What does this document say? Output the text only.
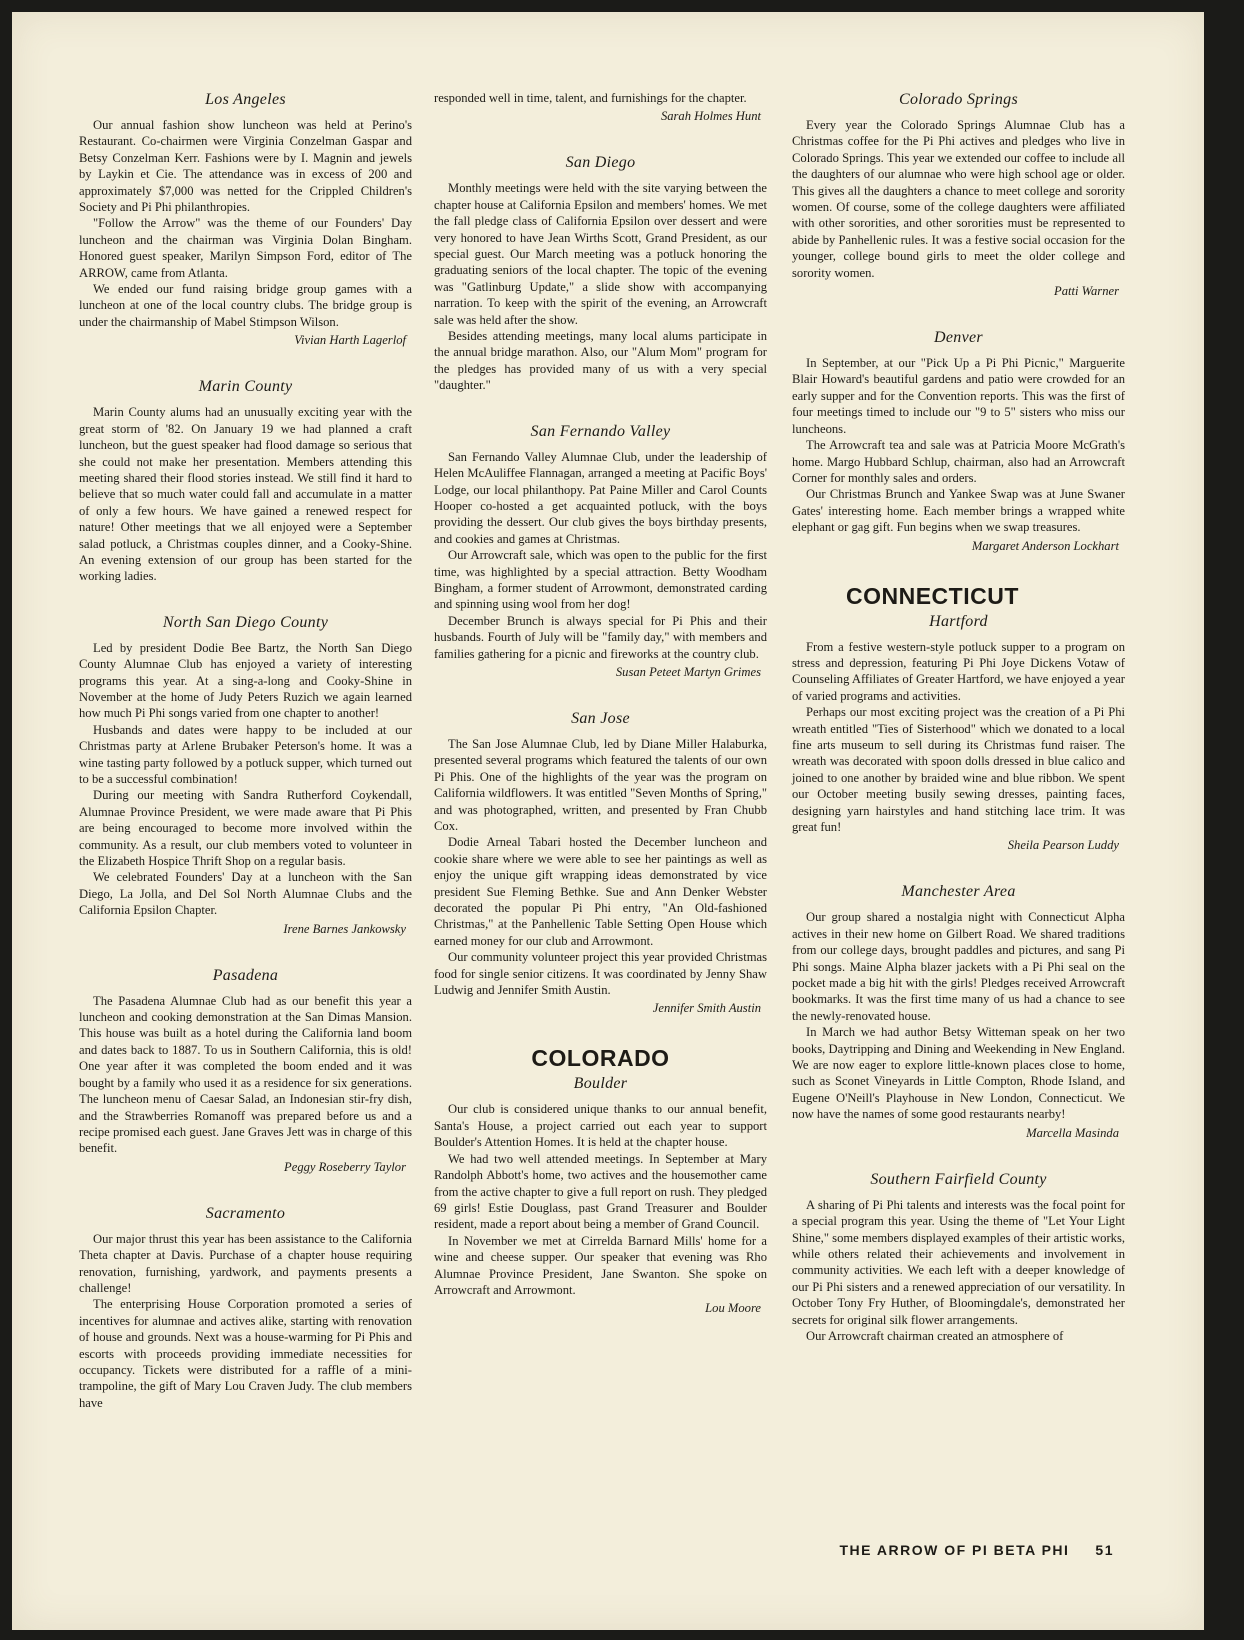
Los Angeles

Our annual fashion show luncheon was held at Perino's Restaurant. Co-chairmen were Virginia Conzelman Gaspar and Betsy Conzelman Kerr. Fashions were by I. Magnin and jewels by Laykin et Cie. The attendance was in excess of 200 and approximately $7,000 was netted for the Crippled Children's Society and Pi Phi philanthropies.

"Follow the Arrow" was the theme of our Founders' Day luncheon and the chairman was Virginia Dolan Bingham. Honored guest speaker, Marilyn Simpson Ford, editor of The ARROW, came from Atlanta.

We ended our fund raising bridge group games with a luncheon at one of the local country clubs. The bridge group is under the chairmanship of Mabel Stimpson Wilson.

Vivian Harth Lagerlof
Marin County

Marin County alums had an unusually exciting year with the great storm of '82. On January 19 we had planned a craft luncheon, but the guest speaker had flood damage so serious that she could not make her presentation. Members attending this meeting shared their flood stories instead. We still find it hard to believe that so much water could fall and accumulate in a matter of only a few hours. We have gained a renewed respect for nature! Other meetings that we all enjoyed were a September salad potluck, a Christmas couples dinner, and a Cooky-Shine. An evening extension of our group has been started for the working ladies.

North San Diego County

Led by president Dodie Bee Bartz, the North San Diego County Alumnae Club has enjoyed a variety of interesting programs this year. At a sing-a-long and Cooky-Shine in November at the home of Judy Peters Ruzich we again learned how much Pi Phi songs varied from one chapter to another!

Husbands and dates were happy to be included at our Christmas party at Arlene Brubaker Peterson's home. It was a wine tasting party followed by a potluck supper, which turned out to be a successful combination!

During our meeting with Sandra Rutherford Coykendall, Alumnae Province President, we were made aware that Pi Phis are being encouraged to become more involved within the community. As a result, our club members voted to volunteer in the Elizabeth Hospice Thrift Shop on a regular basis.

We celebrated Founders' Day at a luncheon with the San Diego, La Jolla, and Del Sol North Alumnae Clubs and the California Epsilon Chapter.

Irene Barnes Jankowsky
Pasadena

The Pasadena Alumnae Club had as our benefit this year a luncheon and cooking demonstration at the San Dimas Mansion. This house was built as a hotel during the California land boom and dates back to 1887. To us in Southern California, this is old! One year after it was completed the boom ended and it was bought by a family who used it as a residence for six generations. The luncheon menu of Caesar Salad, an Indonesian stir-fry dish, and the Strawberries Romanoff was prepared before us and a recipe promised each guest. Jane Graves Jett was in charge of this benefit.

Peggy Roseberry Taylor
Sacramento

Our major thrust this year has been assistance to the California Theta chapter at Davis. Purchase of a chapter house requiring renovation, furnishing, yardwork, and payments presents a challenge!

The enterprising House Corporation promoted a series of incentives for alumnae and actives alike, starting with renovation of house and grounds. Next was a house-warming for Pi Phis and escorts with proceeds providing immediate necessities for occupancy. Tickets were distributed for a raffle of a mini-trampoline, the gift of Mary Lou Craven Judy. The club members have

responded well in time, talent, and furnishings for the chapter.

Sarah Holmes Hunt
San Diego

Monthly meetings were held with the site varying between the chapter house at California Epsilon and members' homes. We met the fall pledge class of California Epsilon over dessert and were very honored to have Jean Wirths Scott, Grand President, as our special guest. Our March meeting was a potluck honoring the graduating seniors of the local chapter. The topic of the evening was "Gatlinburg Update," a slide show with accompanying narration. To keep with the spirit of the evening, an Arrowcraft sale was held after the show.

Besides attending meetings, many local alums participate in the annual bridge marathon. Also, our "Alum Mom" program for the pledges has provided many of us with a very special "daughter."

San Fernando Valley

San Fernando Valley Alumnae Club, under the leadership of Helen McAuliffee Flannagan, arranged a meeting at Pacific Boys' Lodge, our local philanthopy. Pat Paine Miller and Carol Counts Hooper co-hosted a get acquainted potluck, with the boys providing the dessert. Our club gives the boys birthday presents, and cookies and games at Christmas.

Our Arrowcraft sale, which was open to the public for the first time, was highlighted by a special attraction. Betty Woodham Bingham, a former student of Arrowmont, demonstrated carding and spinning using wool from her dog!

December Brunch is always special for Pi Phis and their husbands. Fourth of July will be "family day," with members and families gathering for a picnic and fireworks at the country club.

Susan Peteet Martyn Grimes
San Jose

The San Jose Alumnae Club, led by Diane Miller Halaburka, presented several programs which featured the talents of our own Pi Phis. One of the highlights of the year was the program on California wildflowers. It was entitled "Seven Months of Spring," and was photographed, written, and presented by Fran Chubb Cox.

Dodie Arneal Tabari hosted the December luncheon and cookie share where we were able to see her paintings as well as enjoy the unique gift wrapping ideas demonstrated by vice president Sue Fleming Bethke. Sue and Ann Denker Webster decorated the popular Pi Phi entry, "An Old-fashioned Christmas," at the Panhellenic Table Setting Open House which earned money for our club and Arrowmont.

Our community volunteer project this year provided Christmas food for single senior citizens. It was coordinated by Jenny Shaw Ludwig and Jennifer Smith Austin.

Jennifer Smith Austin
COLORADO
Boulder

Our club is considered unique thanks to our annual benefit, Santa's House, a project carried out each year to support Boulder's Attention Homes. It is held at the chapter house.

We had two well attended meetings. In September at Mary Randolph Abbott's home, two actives and the housemother came from the active chapter to give a full report on rush. They pledged 69 girls! Estie Douglass, past Grand Treasurer and Boulder resident, made a report about being a member of Grand Council.

In November we met at Cirrelda Barnard Mills' home for a wine and cheese supper. Our speaker that evening was Rho Alumnae Province President, Jane Swanton. She spoke on Arrowcraft and Arrowmont.

Lou Moore
Colorado Springs

Every year the Colorado Springs Alumnae Club has a Christmas coffee for the Pi Phi actives and pledges who live in Colorado Springs. This year we extended our coffee to include all the daughters of our alumnae who were high school age or older. This gives all the daughters a chance to meet college and sorority women. Of course, some of the college daughters were affiliated with other sororities, and other sororities must be represented to abide by Panhellenic rules. It was a festive social occasion for the younger, college bound girls to meet the older college and sorority women.

Patti Warner
Denver

In September, at our "Pick Up a Pi Phi Picnic," Marguerite Blair Howard's beautiful gardens and patio were crowded for an early supper and for the Convention reports. This was the first of four meetings timed to include our "9 to 5" sisters who miss our luncheons.

The Arrowcraft tea and sale was at Patricia Moore McGrath's home. Margo Hubbard Schlup, chairman, also had an Arrowcraft Corner for monthly sales and orders.

Our Christmas Brunch and Yankee Swap was at June Swaner Gates' interesting home. Each member brings a wrapped white elephant or gag gift. Fun begins when we swap treasures.

Margaret Anderson Lockhart
CONNECTICUT
Hartford

From a festive western-style potluck supper to a program on stress and depression, featuring Pi Phi Joye Dickens Votaw of Counseling Affiliates of Greater Hartford, we have enjoyed a year of varied programs and activities.

Perhaps our most exciting project was the creation of a Pi Phi wreath entitled "Ties of Sisterhood" which we donated to a local fine arts museum to sell during its Christmas fund raiser. The wreath was decorated with spoon dolls dressed in blue calico and joined to one another by braided wine and blue ribbon. We spent our October meeting busily sewing dresses, painting faces, designing yarn hairstyles and hand stitching lace trim. It was great fun!

Sheila Pearson Luddy
Manchester Area

Our group shared a nostalgia night with Connecticut Alpha actives in their new home on Gilbert Road. We shared traditions from our college days, brought paddles and pictures, and sang Pi Phi songs. Maine Alpha blazer jackets with a Pi Phi seal on the pocket made a big hit with the girls! Pledges received Arrowcraft bookmarks. It was the first time many of us had a chance to see the newly-renovated house.

In March we had author Betsy Witteman speak on her two books, Daytripping and Dining and Weekending in New England. We are now eager to explore little-known places close to home, such as Sconet Vineyards in Little Compton, Rhode Island, and Eugene O'Neill's Playhouse in New London, Connecticut. We now have the names of some good restaurants nearby!

Marcella Masinda
Southern Fairfield County

A sharing of Pi Phi talents and interests was the focal point for a special program this year. Using the theme of "Let Your Light Shine," some members displayed examples of their artistic works, while others related their achievements and involvement in community activities. We each left with a deeper knowledge of our Pi Phi sisters and a renewed appreciation of our versatility. In October Tony Fry Huther, of Bloomingdale's, demonstrated her secrets for original silk flower arrangements.

Our Arrowcraft chairman created an atmosphere of

THE ARROW OF PI BETA PHI 51
